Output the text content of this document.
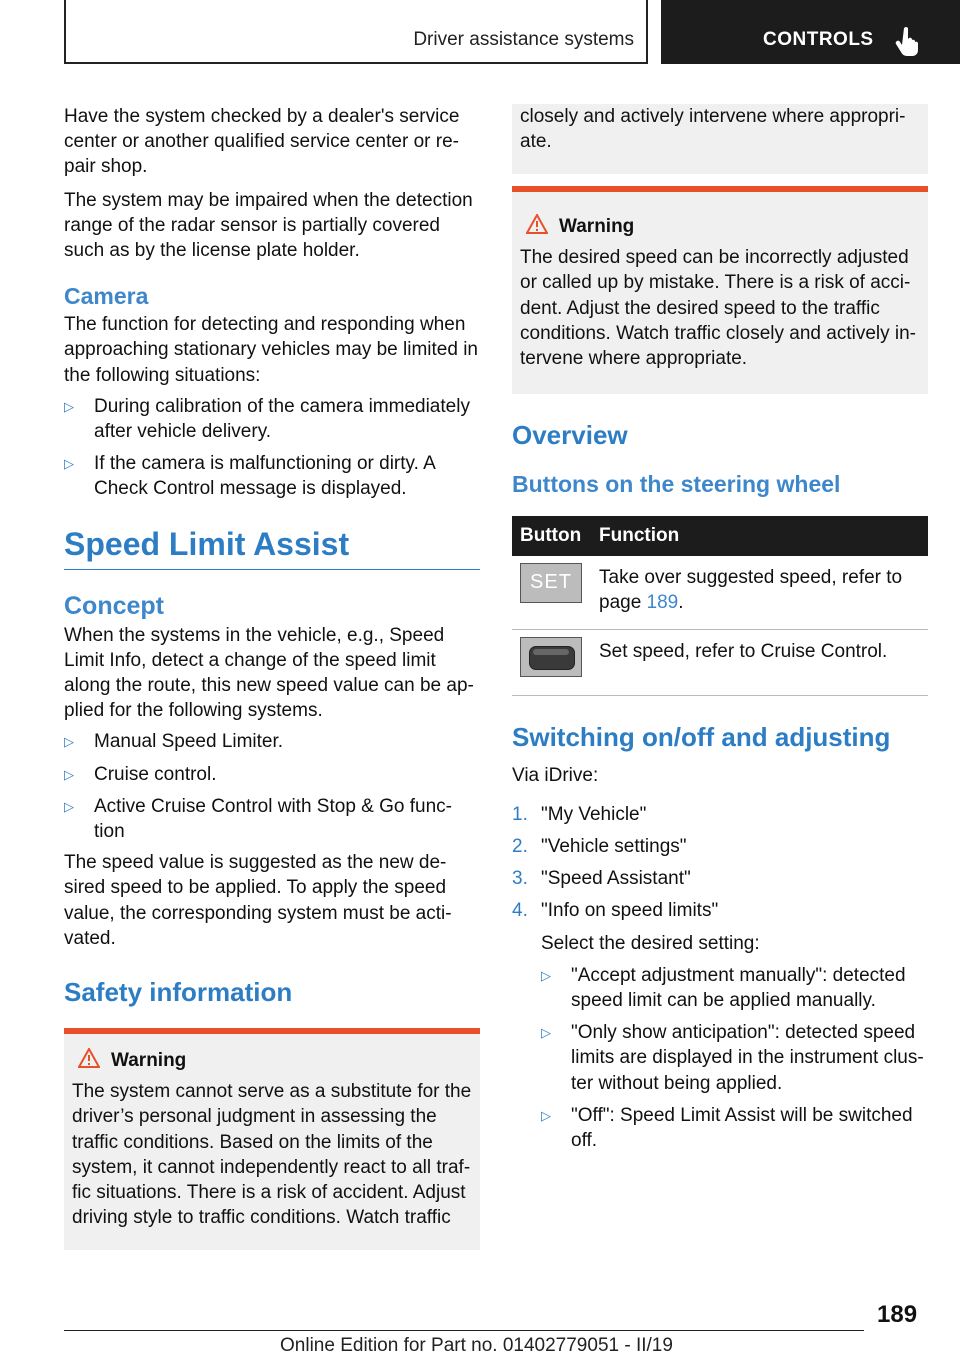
Driver assistance systems	CONTROLS

Have the system checked by a dealer's service
center or another qualified service center or re-
pair shop.

The system may be impaired when the detection
range of the radar sensor is partially covered
such as by the license plate holder.

Camera

The function for detecting and responding when
approaching stationary vehicles may be limited in
the following situations:

▷ During calibration of the camera immediately
after vehicle delivery.
▷ If the camera is malfunctioning or dirty. A
Check Control message is displayed.
Speed Limit Assist
Concept

When the systems in the vehicle, e.g., Speed
Limit Info, detect a change of the speed limit
along the route, this new speed value can be ap-
plied for the following systems.

▷ Manual Speed Limiter.
▷ Cruise control.
▷ Active Cruise Control with Stop & Go func-
tion

The speed value is suggested as the new de-
sired speed to be applied. To apply the speed
value, the corresponding system must be acti-
vated.

Safety information
Warning

The system cannot serve as a substitute for the
driver’s personal judgment in assessing the
traffic conditions. Based on the limits of the
system, it cannot independently react to all traf-
fic situations. There is a risk of accident. Adjust
driving style to traffic conditions. Watch traffic

closely and actively intervene where appropri-
ate.

Warning

The desired speed can be incorrectly adjusted
or called up by mistake. There is a risk of acci-
dent. Adjust the desired speed to the traffic
conditions. Watch traffic closely and actively in-
tervene where appropriate.

Overview
Buttons on the steering wheel
Button	Function

SET	Take over suggested speed, refer to
page 189.

	Set speed, refer to Cruise Control.
Switching on/off and adjusting

Via iDrive:

1. "My Vehicle"
2. "Vehicle settings"
3. "Speed Assistant"
4. "Info on speed limits"

Select the desired setting:

▷ "Accept adjustment manually": detected
speed limit can be applied manually.
▷ "Only show anticipation": detected speed
limits are displayed in the instrument clus-
ter without being applied.
▷ "Off": Speed Limit Assist will be switched
off.
189
Online Edition for Part no. 01402779051 - II/19
